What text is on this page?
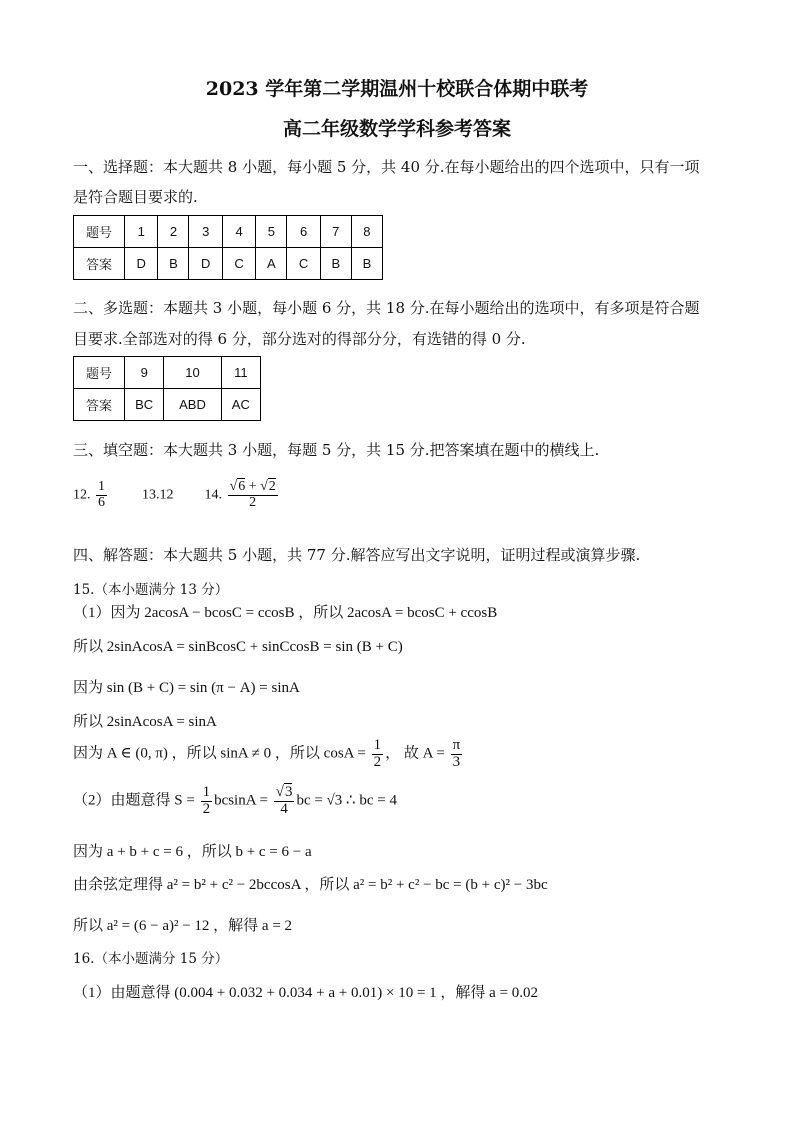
2023 学年第二学期温州十校联合体期中联考
高二年级数学学科参考答案
一、选择题：本大题共 8 小题，每小题 5 分，共 40 分.在每小题给出的四个选项中，只有一项
是符合题目要求的.
题号	1	2	3	4	5	6	7	8
答案	D	B	D	C	A	C	B	B
二、多选题：本题共 3 小题，每小题 6 分，共 18 分.在每小题给出的选项中，有多项是符合题
目要求.全部选对的得 6 分，部分选对的得部分分，有选错的得 0 分.
题号	9	10	11
答案	BC	ABD	AC
三、填空题：本大题共 3 小题，每题 5 分，共 15 分.把答案填在题中的横线上.
12. $\frac{1}{6}$	13.12 14. $\frac{√6 + √2}{2}$
四、解答题：本大题共 5 小题，共 77 分.解答应写出文字说明，证明过程或演算步骤.
15.（本小题满分 13 分）
（1）因为 2acosA − bcosC = ccosB ，所以 2acosA = bcosC + ccosB
所以 2sinAcosA = sinBcosC + sinCcosB = sin (B + C)
因为 sin (B + C) = sin (π − A) = sinA
所以 2sinAcosA = sinA
因为 A ∈ (0, π) ，所以 sinA ≠ 0 ，所以 $\cos A = \frac{1}{2}$ ， 故 $A = \frac{\pi}{3}$
（2）由题意得 $S = \frac{1}{2}$ $bcsinA = \frac{√3}{4}$ bc = √3 ∴ bc = 4
因为 a + b + c = 6 ，所以 b + c = 6 − a
由余弦定理得 a² = b² + c² − 2bccosA ，所以 a² = b² + c² − bc = (b + c)² − 3bc
所以 a² = (6 − a)² − 12 ，解得 a = 2
16.（本小题满分 15 分）
（1）由题意得 (0.004 + 0.032 + 0.034 + a + 0.01) × 10 = 1 ，解得 a = 0.02
